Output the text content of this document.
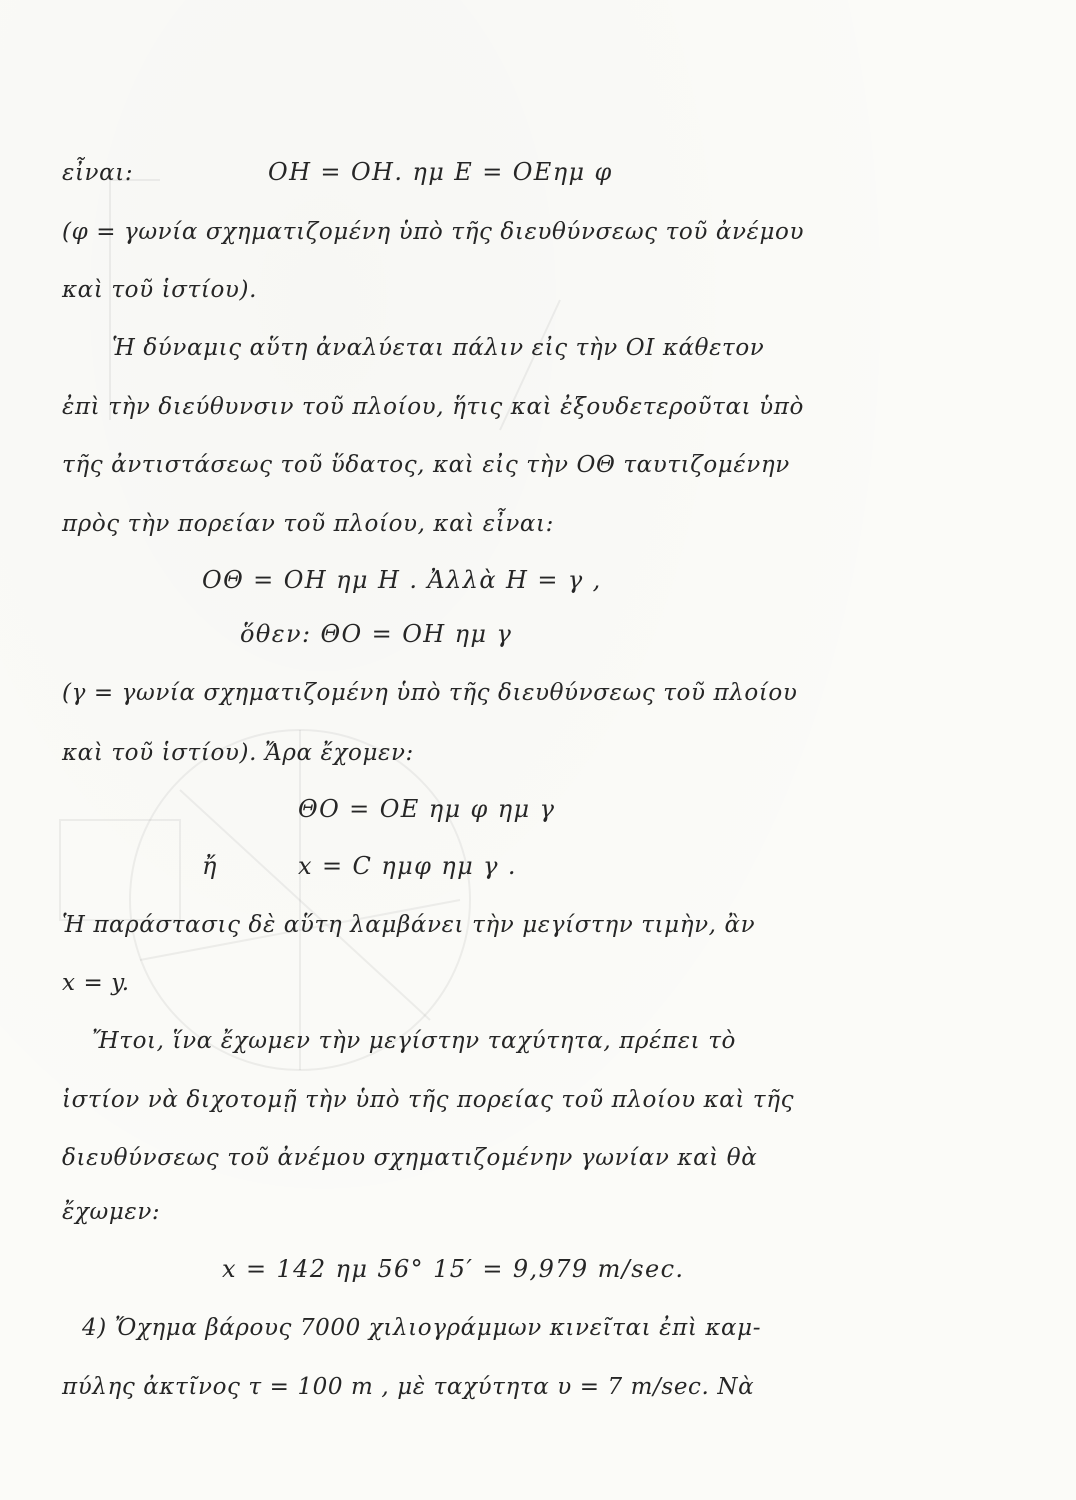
εἶναι:	ΟΗ = ΟΗ. ημ Ε = ΟΕημ φ
(φ = γωνία σχηματιζομένη ὑπὸ τῆς διευθύνσεως τοῦ ἀνέμου
καὶ τοῦ ἱστίου).
Ἡ δύναμις αὕτη ἀναλύεται πάλιν εἰς τὴν ΟΙ κάθετον
ἐπὶ τὴν διεύθυνσιν τοῦ πλοίου, ἥτις καὶ ἐξουδετεροῦται ὑπὸ
τῆς ἀντιστάσεως τοῦ ὕδατος, καὶ εἰς τὴν ΟΘ ταυτιζομένην
πρὸς τὴν πορείαν τοῦ πλοίου, καὶ εἶναι:
ΟΘ = ΟΗ ημ Η . Ἀλλὰ Η = γ ,
ὅθεν: ΘΟ = ΟΗ ημ γ
(γ = γωνία σχηματιζομένη ὑπὸ τῆς διευθύνσεως τοῦ πλοίου
καὶ τοῦ ἱστίου). Ἄρα ἔχομεν:
ΘΟ = ΟΕ ημ φ ημ γ
ἤ	x = C ημφ ημ γ .
Ἡ παράστασις δὲ αὕτη λαμβάνει τὴν μεγίστην τιμὴν, ἂν
x = y.
Ἤτοι, ἵνα ἔχωμεν τὴν μεγίστην ταχύτητα, πρέπει τὸ
ἱστίον νὰ διχοτομῇ τὴν ὑπὸ τῆς πορείας τοῦ πλοίου καὶ τῆς
διευθύνσεως τοῦ ἀνέμου σχηματιζομένην γωνίαν καὶ θὰ
ἔχωμεν:
x = 142 ημ 56° 15′ = 9,979 m/sec.
4) Ὄχημα βάρους 7000 χιλιογράμμων κινεῖται ἐπὶ καμ-
πύλης ἀκτῖνος τ = 100 m , μὲ ταχύτητα υ = 7 m/sec. Νὰ
